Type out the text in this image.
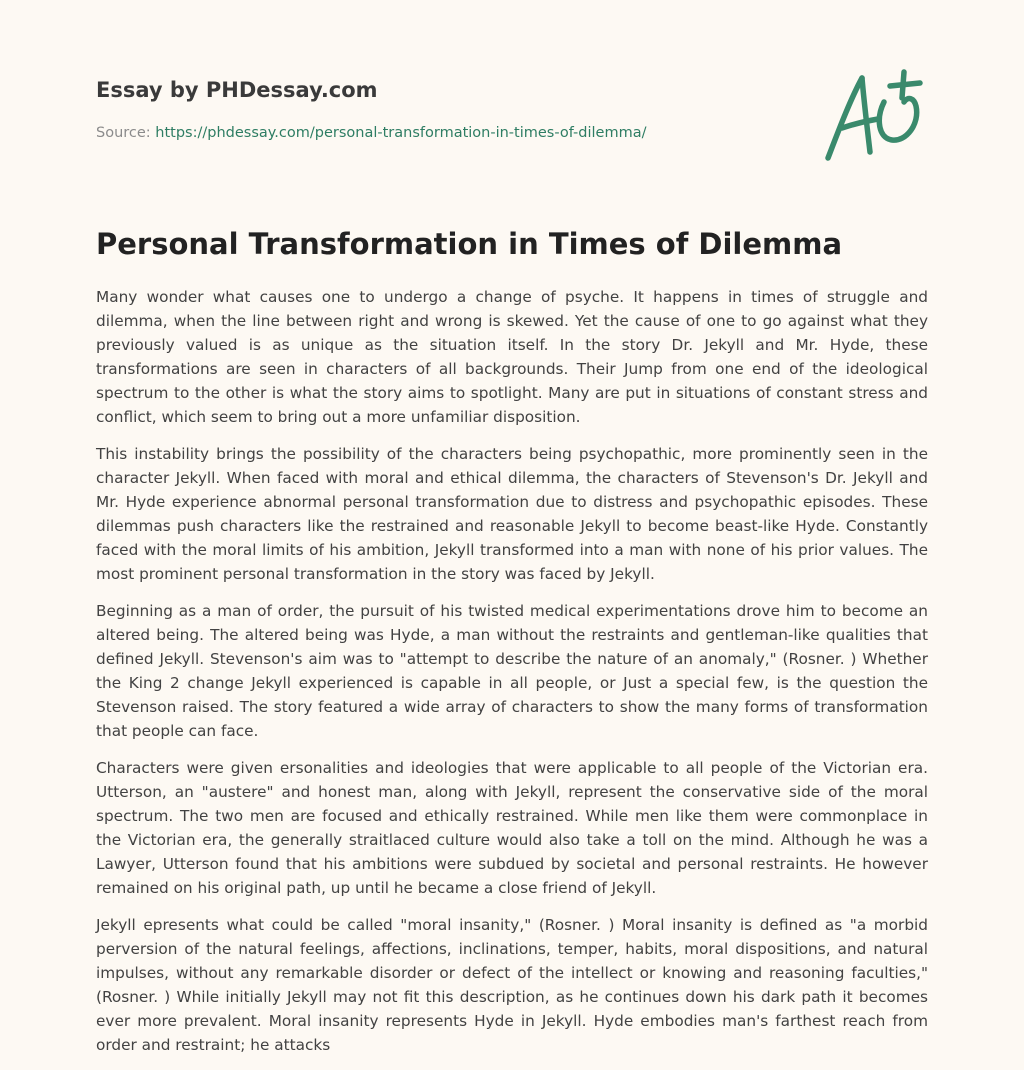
Essay by PHDessay.com
Source: https://phdessay.com/personal-transformation-in-times-of-dilemma/
Personal Transformation in Times of Dilemma

Many wonder what causes one to undergo a change of psyche. It happens in times of struggle and dilemma, when the line between right and wrong is skewed. Yet the cause of one to go against what they previously valued is as unique as the situation itself. In the story Dr. Jekyll and Mr. Hyde, these transformations are seen in characters of all backgrounds. Their Jump from one end of the ideological spectrum to the other is what the story aims to spotlight. Many are put in situations of constant stress and conflict, which seem to bring out a more unfamiliar disposition.

This instability brings the possibility of the characters being psychopathic, more prominently seen in the character Jekyll. When faced with moral and ethical dilemma, the characters of Stevenson's Dr. Jekyll and Mr. Hyde experience abnormal personal transformation due to distress and psychopathic episodes. These dilemmas push characters like the restrained and reasonable Jekyll to become beast-like Hyde. Constantly faced with the moral limits of his ambition, Jekyll transformed into a man with none of his prior values. The most prominent personal transformation in the story was faced by Jekyll.

Beginning as a man of order, the pursuit of his twisted medical experimentations drove him to become an altered being. The altered being was Hyde, a man without the restraints and gentleman-like qualities that defined Jekyll. Stevenson's aim was to "attempt to describe the nature of an anomaly," (Rosner. ) Whether the King 2 change Jekyll experienced is capable in all people, or Just a special few, is the question the Stevenson raised. The story featured a wide array of characters to show the many forms of transformation that people can face.

Characters were given ersonalities and ideologies that were applicable to all people of the Victorian era. Utterson, an "austere" and honest man, along with Jekyll, represent the conservative side of the moral spectrum. The two men are focused and ethically restrained. While men like them were commonplace in the Victorian era, the generally straitlaced culture would also take a toll on the mind. Although he was a Lawyer, Utterson found that his ambitions were subdued by societal and personal restraints. He however remained on his original path, up until he became a close friend of Jekyll.

Jekyll epresents what could be called "moral insanity," (Rosner. ) Moral insanity is defined as "a morbid perversion of the natural feelings, affections, inclinations, temper, habits, moral dispositions, and natural impulses, without any remarkable disorder or defect of the intellect or knowing and reasoning faculties," (Rosner. ) While initially Jekyll may not fit this description, as he continues down his dark path it becomes ever more prevalent. Moral insanity represents Hyde in Jekyll. Hyde embodies man's farthest reach from order and restraint; he attacks
